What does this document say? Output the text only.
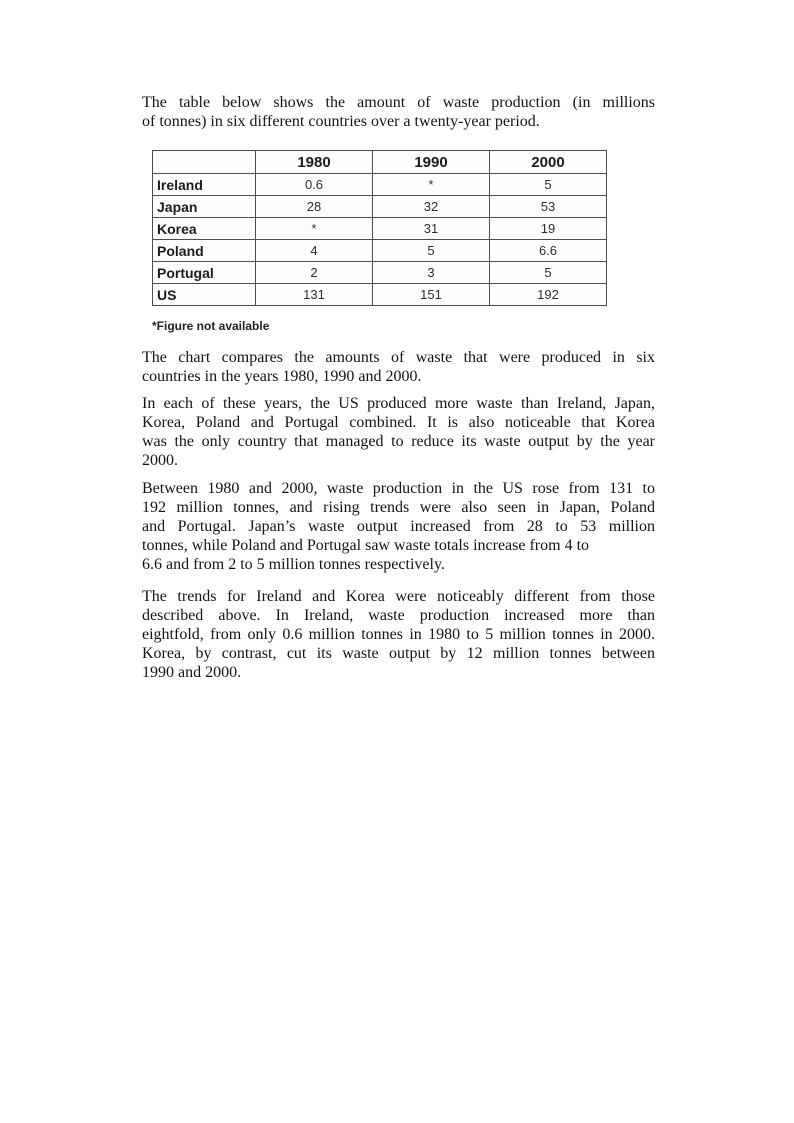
The table below shows the amount of waste production (in millions
of tonnes) in six different countries over a twenty-year period.
	1980	1990	2000
Ireland	0.6	*	5
Japan	28	32	53
Korea	*	31	19
Poland	4	5	6.6
Portugal	2	3	5
US	131	151	192
*Figure not available
The chart compares the amounts of waste that were produced in six
countries in the years 1980, 1990 and 2000.
In each of these years, the US produced more waste than Ireland, Japan,
Korea, Poland and Portugal combined. It is also noticeable that Korea
was the only country that managed to reduce its waste output by the year
2000.
Between 1980 and 2000, waste production in the US rose from 131 to
192 million tonnes, and rising trends were also seen in Japan, Poland
and Portugal. Japan’s waste output increased from 28 to 53 million
tonnes, while Poland and Portugal saw waste totals increase from 4 to
6.6 and from 2 to 5 million tonnes respectively.
The trends for Ireland and Korea were noticeably different from those
described above. In Ireland, waste production increased more than
eightfold, from only 0.6 million tonnes in 1980 to 5 million tonnes in 2000.
Korea, by contrast, cut its waste output by 12 million tonnes between
1990 and 2000.
